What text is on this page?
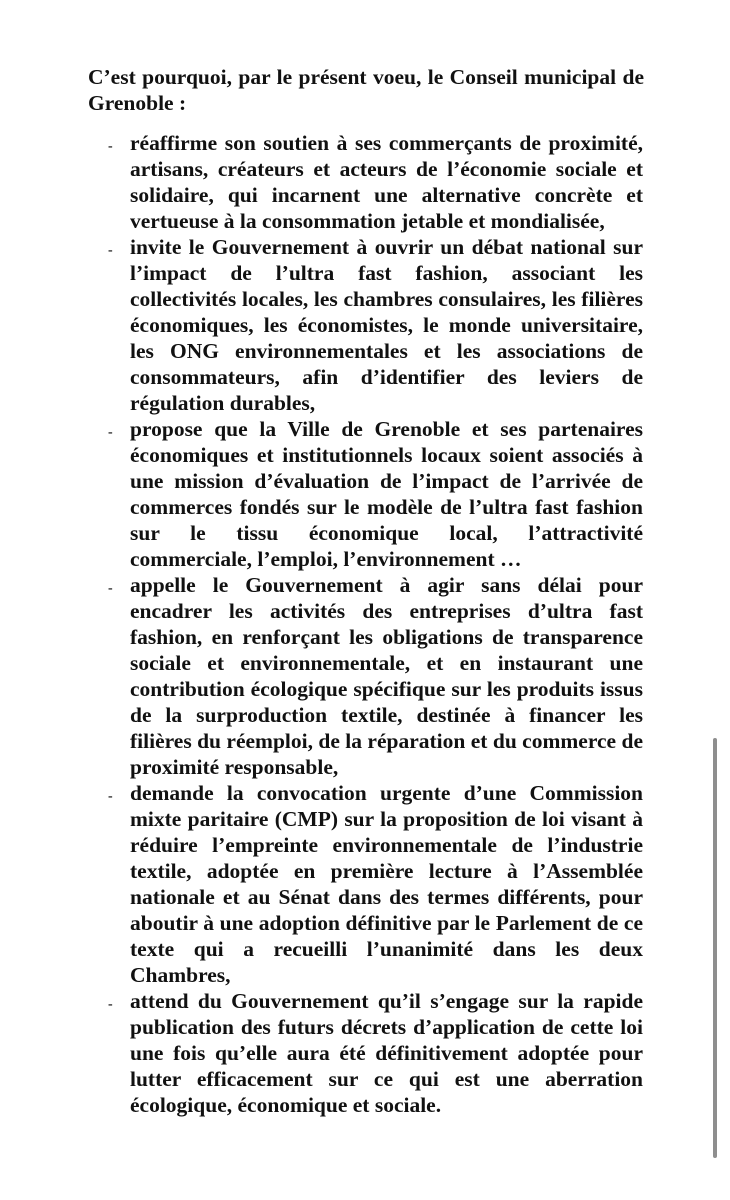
C’est pourquoi, par le présent voeu, le Conseil municipal de Grenoble :

- réaffirme son soutien à ses commerçants de proximité, artisans, créateurs et acteurs de l’économie sociale et solidaire, qui incarnent une alternative concrète et vertueuse à la consommation jetable et mondialisée,

- invite le Gouvernement à ouvrir un débat national sur l’impact de l’ultra fast fashion, associant les collectivités locales, les chambres consulaires, les filières économiques, les économistes, le monde universitaire, les ONG environnementales et les associations de consommateurs, afin d’identifier des leviers de régulation durables,

- propose que la Ville de Grenoble et ses partenaires économiques et institutionnels locaux soient associés à une mission d’évaluation de l’impact de l’arrivée de commerces fondés sur le modèle de l’ultra fast fashion sur le tissu économique local, l’attractivité commerciale, l’emploi, l’environnement …

- appelle le Gouvernement à agir sans délai pour encadrer les activités des entreprises d’ultra fast fashion, en renforçant les obligations de transparence sociale et environnementale, et en instaurant une contribution écologique spécifique sur les produits issus de la surproduction textile, destinée à financer les filières du réemploi, de la réparation et du commerce de proximité responsable,

- demande la convocation urgente d’une Commission mixte paritaire (CMP) sur la proposition de loi visant à réduire l’empreinte environnementale de l’industrie textile, adoptée en première lecture à l’Assemblée nationale et au Sénat dans des termes différents, pour aboutir à une adoption définitive par le Parlement de ce texte qui a recueilli l’unanimité dans les deux Chambres,

- attend du Gouvernement qu’il s’engage sur la rapide publication des futurs décrets d’application de cette loi une fois qu’elle aura été définitivement adoptée pour lutter efficacement sur ce qui est une aberration écologique, économique et sociale.
